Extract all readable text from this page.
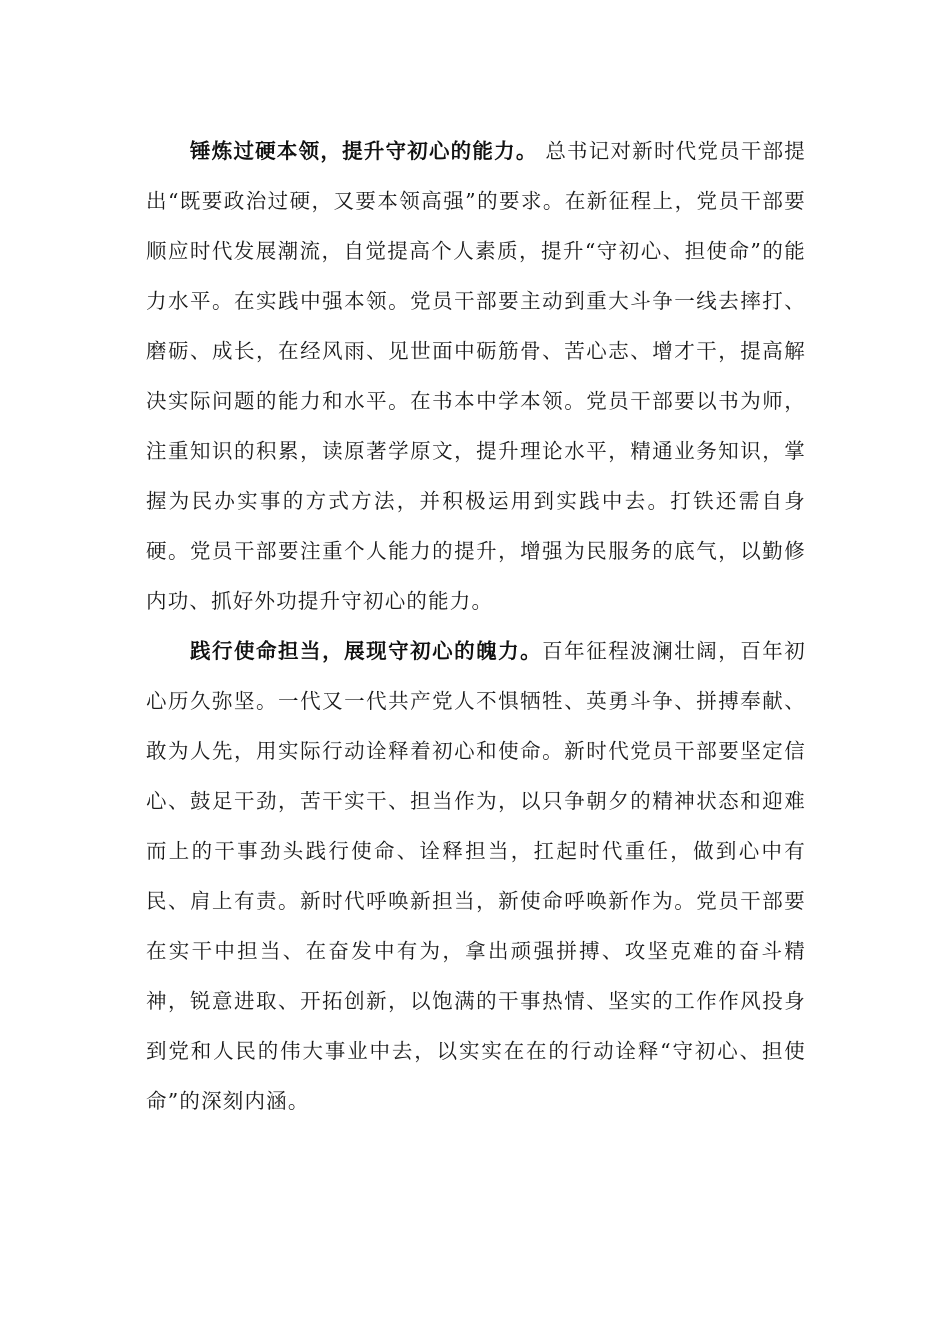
锤炼过硬本领，提升守初心的能力。 总书记对新时代党员干部提出“既要政治过硬，又要本领高强”的要求。在新征程上，党员干部要顺应时代发展潮流，自觉提高个人素质，提升“守初心、担使命”的能力水平。在实践中强本领。党员干部要主动到重大斗争一线去摔打、磨砺、成长，在经风雨、见世面中砺筋骨、苦心志、增才干，提高解决实际问题的能力和水平。在书本中学本领。党员干部要以书为师，注重知识的积累，读原著学原文，提升理论水平，精通业务知识，掌握为民办实事的方式方法，并积极运用到实践中去。打铁还需自身硬。党员干部要注重个人能力的提升，增强为民服务的底气，以勤修内功、抓好外功提升守初心的能力。

践行使命担当，展现守初心的魄力。百年征程波澜壮阔，百年初心历久弥坚。一代又一代共产党人不惧牺牲、英勇斗争、拼搏奉献、敢为人先，用实际行动诠释着初心和使命。新时代党员干部要坚定信心、鼓足干劲，苦干实干、担当作为，以只争朝夕的精神状态和迎难而上的干事劲头践行使命、诠释担当，扛起时代重任，做到心中有民、肩上有责。新时代呼唤新担当，新使命呼唤新作为。党员干部要在实干中担当、在奋发中有为，拿出顽强拼搏、攻坚克难的奋斗精神，锐意进取、开拓创新，以饱满的干事热情、坚实的工作作风投身到党和人民的伟大事业中去，以实实在在的行动诠释“守初心、担使命”的深刻内涵。
